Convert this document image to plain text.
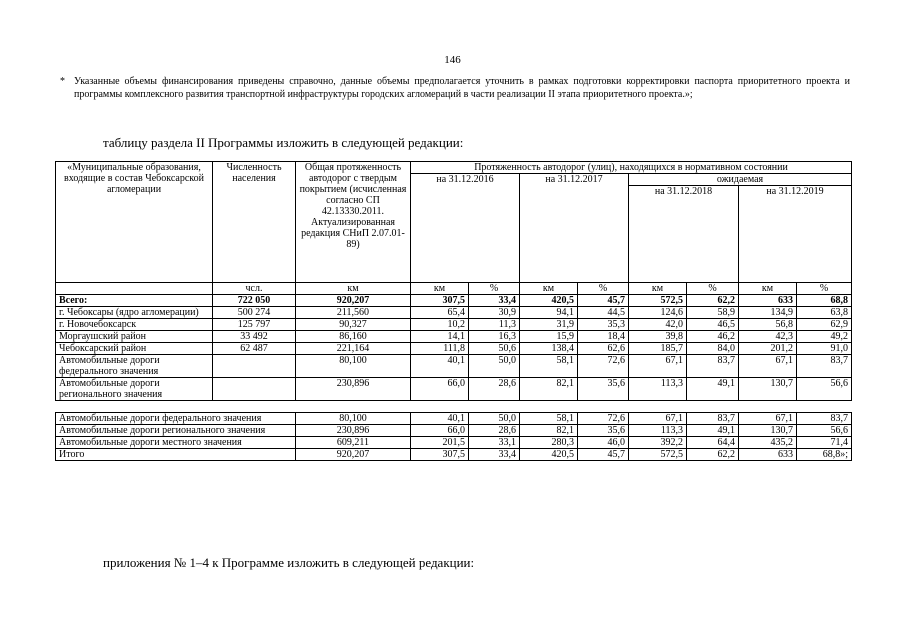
146
* Указанные объемы финансирования приведены справочно, данные объемы предполагается уточнить в рамках подготовки корректировки паспорта приоритетного проекта и программы комплексного развития транспортной инфраструктуры городских агломераций в части реализации II этапа приоритетного проекта.»;
таблицу раздела II Программы изложить в следующей редакции:
«Муниципальные образования, входящие в состав Чебоксарской агломерации	Численность населения	Общая протяженность автодорог с твердым покрытием (исчисленная согласно СП 42.13330.2011. Актуализированная редакция СНиП 2.07.01-89)	Протяженность автодорог (улиц), находящихся в нормативном состоянии							
			на 31.12.2016		на 31.12.2017		ожидаемая			
							на 31.12.2018		на 31.12.2019	
	чсл.	км	км	%	км	%	км	%	км	%
Всего:	722 050	920,207	307,5	33,4	420,5	45,7	572,5	62,2	633	68,8
г. Чебоксары (ядро агломерации)	500 274	211,560	65,4	30,9	94,1	44,5	124,6	58,9	134,9	63,8
г. Новочебоксарск	125 797	90,327	10,2	11,3	31,9	35,3	42,0	46,5	56,8	62,9
Моргаушский район	33 492	86,160	14,1	16,3	15,9	18,4	39,8	46,2	42,3	49,2
Чебоксарский район	62 487	221,164	111,8	50,6	138,4	62,6	185,7	84,0	201,2	91,0
Автомобильные дороги федерального значения		80,100	40,1	50,0	58,1	72,6	67,1	83,7	67,1	83,7
Автомобильные дороги регионального значения		230,896	66,0	28,6	82,1	35,6	113,3	49,1	130,7	56,6

Автомобильные дороги федерального значения		80,100	40,1	50,0	58,1	72,6	67,1	83,7	67,1	83,7
Автомобильные дороги регионального значения		230,896	66,0	28,6	82,1	35,6	113,3	49,1	130,7	56,6
Автомобильные дороги местного значения		609,211	201,5	33,1	280,3	46,0	392,2	64,4	435,2	71,4
Итого		920,207	307,5	33,4	420,5	45,7	572,5	62,2	633	68,8»;
приложения № 1–4 к Программе изложить в следующей редакции:
